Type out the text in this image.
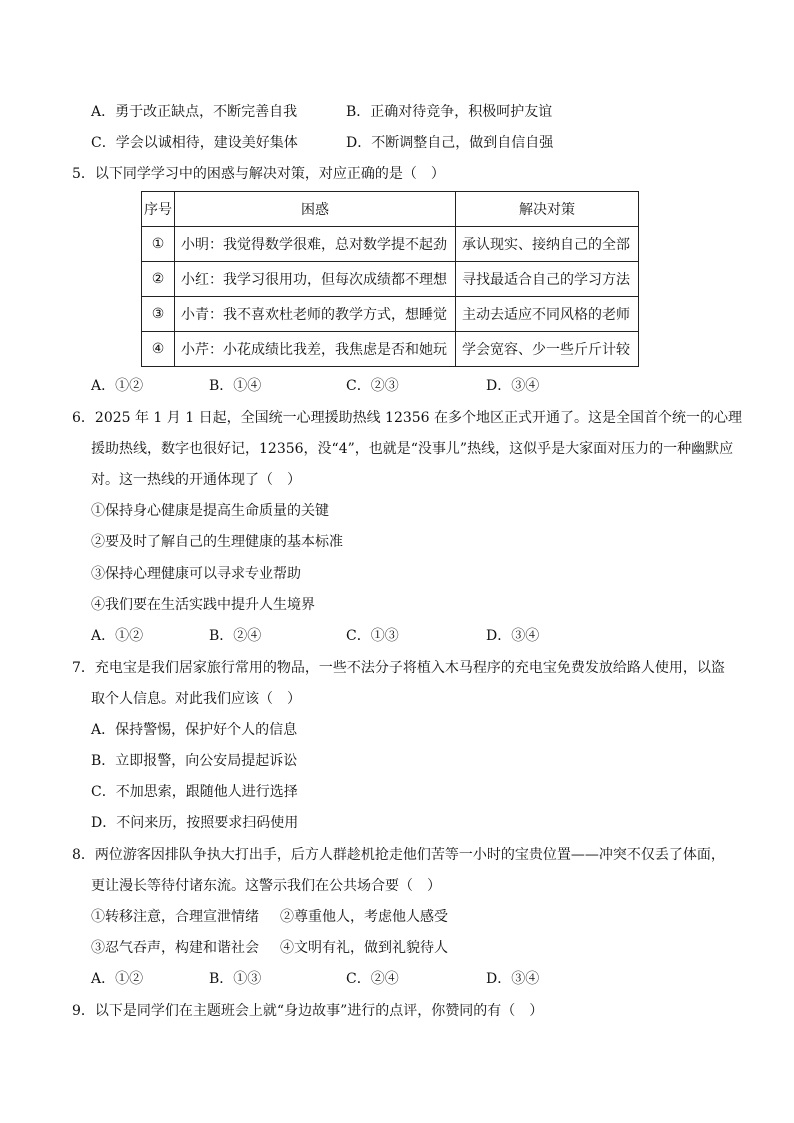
A．勇于改正缺点，不断完善自我	B．正确对待竞争，积极呵护友谊
C．学会以诚相待，建设美好集体	D．不断调整自己，做到自信自强
5．以下同学学习中的困惑与解决对策，对应正确的是（　）
序号	困惑	解决对策
①	小明：我觉得数学很难，总对数学提不起劲	承认现实、接纳自己的全部
②	小红：我学习很用功，但每次成绩都不理想	寻找最适合自己的学习方法
③	小青：我不喜欢杜老师的教学方式，想睡觉	主动去适应不同风格的老师
④	小芹：小花成绩比我差，我焦虑是否和她玩	学会宽容、少一些斤斤计较
A．①②	B．①④	C．②③	D．③④
6．2025 年 1 月 1 日起，全国统一心理援助热线 12356 在多个地区正式开通了。这是全国首个统一的心理
援助热线，数字也很好记，12356，没“4”，也就是“没事儿”热线，这似乎是大家面对压力的一种幽默应
对。这一热线的开通体现了（　）
①保持身心健康是提高生命质量的关键
②要及时了解自己的生理健康的基本标准
③保持心理健康可以寻求专业帮助
④我们要在生活实践中提升人生境界
A．①②	B．②④	C．①③	D．③④
7．充电宝是我们居家旅行常用的物品，一些不法分子将植入木马程序的充电宝免费发放给路人使用，以盗
取个人信息。对此我们应该（　）
A．保持警惕，保护好个人的信息
B．立即报警，向公安局提起诉讼
C．不加思索，跟随他人进行选择
D．不问来历，按照要求扫码使用
8．两位游客因排队争执大打出手，后方人群趁机抢走他们苦等一小时的宝贵位置——冲突不仅丢了体面，
更让漫长等待付诸东流。这警示我们在公共场合要（　）
①转移注意，合理宣泄情绪 ②尊重他人，考虑他人感受
③忍气吞声，构建和谐社会 ④文明有礼，做到礼貌待人
A．①②	B．①③	C．②④	D．③④
9．以下是同学们在主题班会上就“身边故事”进行的点评，你赞同的有（　）
